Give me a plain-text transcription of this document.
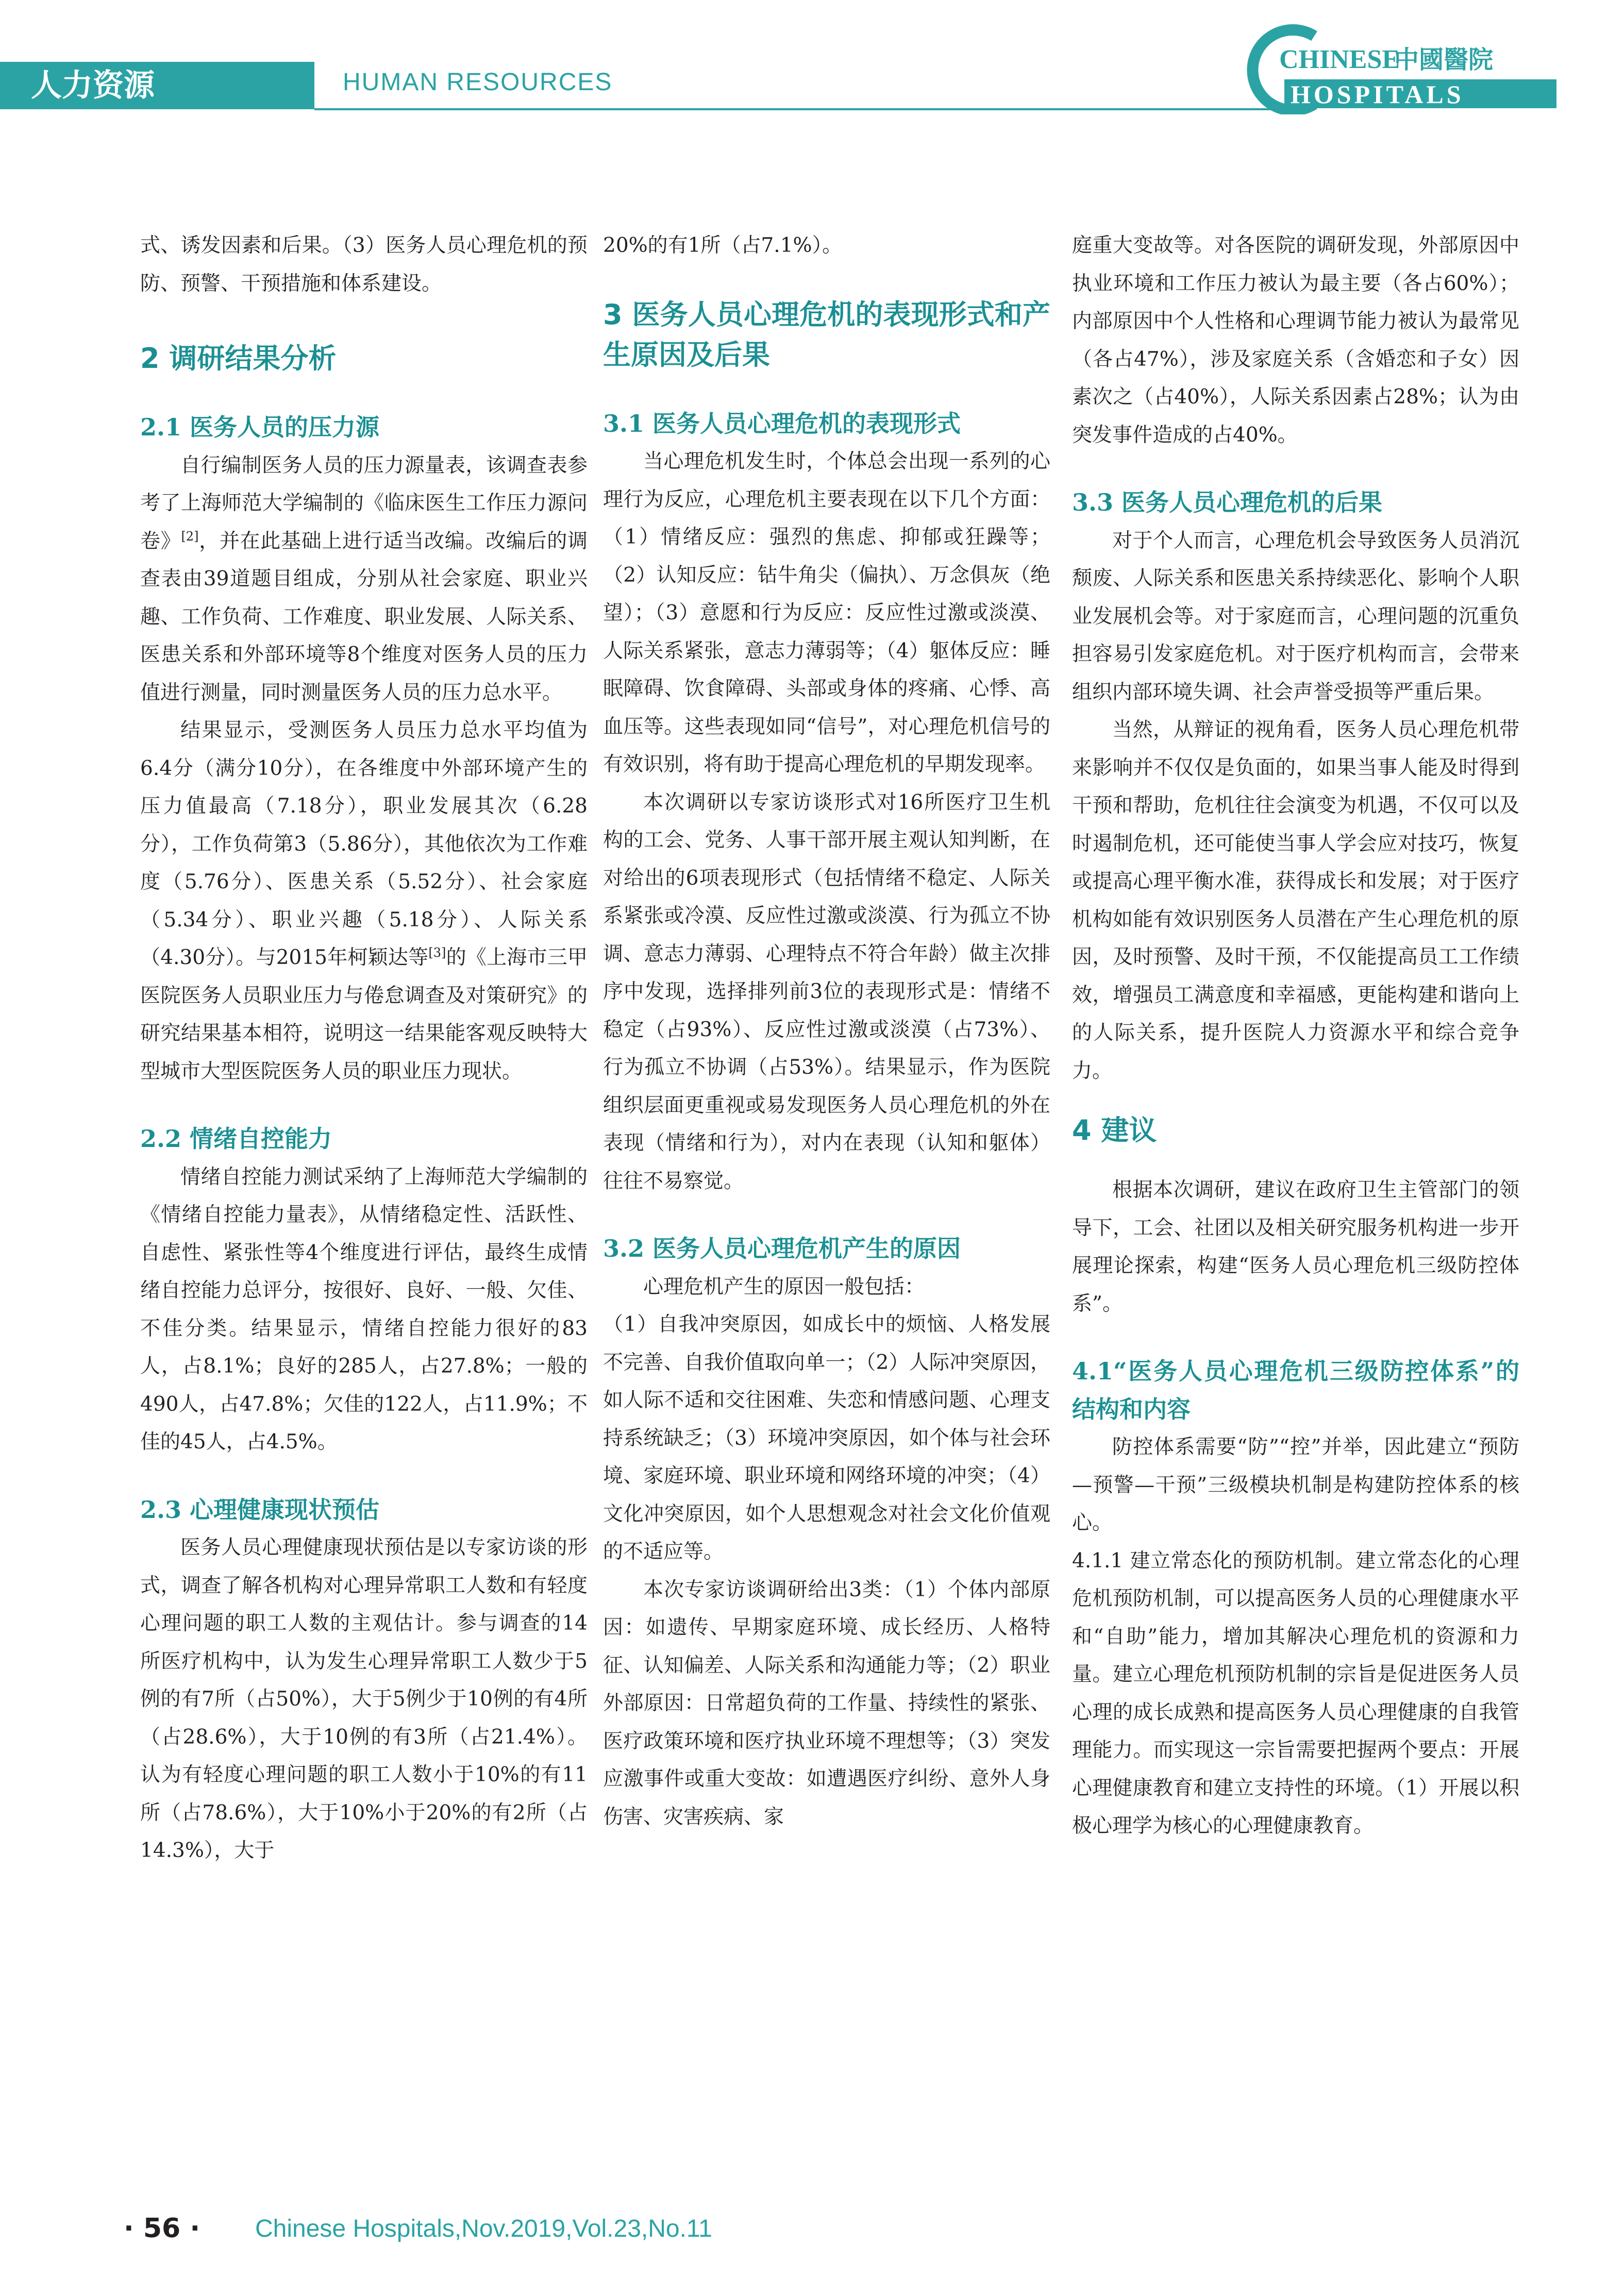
人力资源	HUMAN RESOURCES
CHINESE
中國醫院
HOSPITALS

式、诱发因素和后果。（3）医务人员心理危机的预防、预警、干预措施和体系建设。

2 调研结果分析
2.1 医务人员的压力源

自行编制医务人员的压力源量表，该调查表参考了上海师范大学编制的《临床医生工作压力源问卷》[2]，并在此基础上进行适当改编。改编后的调查表由39道题目组成，分别从社会家庭、职业兴趣、工作负荷、工作难度、职业发展、人际关系、医患关系和外部环境等8个维度对医务人员的压力值进行测量，同时测量医务人员的压力总水平。

结果显示，受测医务人员压力总水平均值为6.4分（满分10分），在各维度中外部环境产生的压力值最高（7.18分），职业发展其次（6.28分），工作负荷第3（5.86分），其他依次为工作难度（5.76分）、医患关系（5.52分）、社会家庭（5.34分）、职业兴趣（5.18分）、人际关系（4.30分）。与2015年柯颖达等[3]的《上海市三甲医院医务人员职业压力与倦怠调查及对策研究》的研究结果基本相符，说明这一结果能客观反映特大型城市大型医院医务人员的职业压力现状。

2.2 情绪自控能力

情绪自控能力测试采纳了上海师范大学编制的《情绪自控能力量表》，从情绪稳定性、活跃性、自虑性、紧张性等4个维度进行评估，最终生成情绪自控能力总评分，按很好、良好、一般、欠佳、不佳分类。结果显示，情绪自控能力很好的83人，占8.1%；良好的285人，占27.8%；一般的490人，占47.8%；欠佳的122人，占11.9%；不佳的45人，占4.5%。

2.3 心理健康现状预估

医务人员心理健康现状预估是以专家访谈的形式，调查了解各机构对心理异常职工人数和有轻度心理问题的职工人数的主观估计。参与调查的14所医疗机构中，认为发生心理异常职工人数少于5例的有7所（占50%），大于5例少于10例的有4所（占28.6%），大于10例的有3所（占21.4%）。认为有轻度心理问题的职工人数小于10%的有11所（占78.6%），大于10%小于20%的有2所（占14.3%），大于

20%的有1所（占7.1%）。

3 医务人员心理危机的表现形式和产生原因及后果
3.1 医务人员心理危机的表现形式

当心理危机发生时，个体总会出现一系列的心理行为反应，心理危机主要表现在以下几个方面：（1）情绪反应：强烈的焦虑、抑郁或狂躁等；（2）认知反应：钻牛角尖（偏执）、万念俱灰（绝望）；（3）意愿和行为反应：反应性过激或淡漠、人际关系紧张，意志力薄弱等；（4）躯体反应：睡眠障碍、饮食障碍、头部或身体的疼痛、心悸、高血压等。这些表现如同“信号”，对心理危机信号的有效识别，将有助于提高心理危机的早期发现率。

本次调研以专家访谈形式对16所医疗卫生机构的工会、党务、人事干部开展主观认知判断，在对给出的6项表现形式（包括情绪不稳定、人际关系紧张或冷漠、反应性过激或淡漠、行为孤立不协调、意志力薄弱、心理特点不符合年龄）做主次排序中发现，选择排列前3位的表现形式是：情绪不稳定（占93%）、反应性过激或淡漠（占73%）、行为孤立不协调（占53%）。结果显示，作为医院组织层面更重视或易发现医务人员心理危机的外在表现（情绪和行为），对内在表现（认知和躯体）往往不易察觉。

3.2 医务人员心理危机产生的原因

心理危机产生的原因一般包括：

（1）自我冲突原因，如成长中的烦恼、人格发展不完善、自我价值取向单一；（2）人际冲突原因，如人际不适和交往困难、失恋和情感问题、心理支持系统缺乏；（3）环境冲突原因，如个体与社会环境、家庭环境、职业环境和网络环境的冲突；（4）文化冲突原因，如个人思想观念对社会文化价值观的不适应等。

本次专家访谈调研给出3类：（1）个体内部原因：如遗传、早期家庭环境、成长经历、人格特征、认知偏差、人际关系和沟通能力等；（2）职业外部原因：日常超负荷的工作量、持续性的紧张、医疗政策环境和医疗执业环境不理想等；（3）突发应激事件或重大变故：如遭遇医疗纠纷、意外人身伤害、灾害疾病、家

庭重大变故等。对各医院的调研发现，外部原因中执业环境和工作压力被认为最主要（各占60%）；内部原因中个人性格和心理调节能力被认为最常见（各占47%），涉及家庭关系（含婚恋和子女）因素次之（占40%），人际关系因素占28%；认为由突发事件造成的占40%。

3.3 医务人员心理危机的后果

对于个人而言，心理危机会导致医务人员消沉颓废、人际关系和医患关系持续恶化、影响个人职业发展机会等。对于家庭而言，心理问题的沉重负担容易引发家庭危机。对于医疗机构而言，会带来组织内部环境失调、社会声誉受损等严重后果。

当然，从辩证的视角看，医务人员心理危机带来影响并不仅仅是负面的，如果当事人能及时得到干预和帮助，危机往往会演变为机遇，不仅可以及时遏制危机，还可能使当事人学会应对技巧，恢复或提高心理平衡水准，获得成长和发展；对于医疗机构如能有效识别医务人员潜在产生心理危机的原因，及时预警、及时干预，不仅能提高员工工作绩效，增强员工满意度和幸福感，更能构建和谐向上的人际关系，提升医院人力资源水平和综合竞争力。

4 建议

根据本次调研，建议在政府卫生主管部门的领导下，工会、社团以及相关研究服务机构进一步开展理论探索，构建“医务人员心理危机三级防控体系”。

4.1“医务人员心理危机三级防控体系”的结构和内容

防控体系需要“防”“控”并举，因此建立“预防—预警—干预”三级模块机制是构建防控体系的核心。

4.1.1 建立常态化的预防机制。建立常态化的心理危机预防机制，可以提高医务人员的心理健康水平和“自助”能力，增加其解决心理危机的资源和力量。建立心理危机预防机制的宗旨是促进医务人员心理的成长成熟和提高医务人员心理健康的自我管理能力。而实现这一宗旨需要把握两个要点：开展心理健康教育和建立支持性的环境。（1）开展以积极心理学为核心的心理健康教育。

· 56 · Chinese Hospitals,Nov.2019,Vol.23,No.11
